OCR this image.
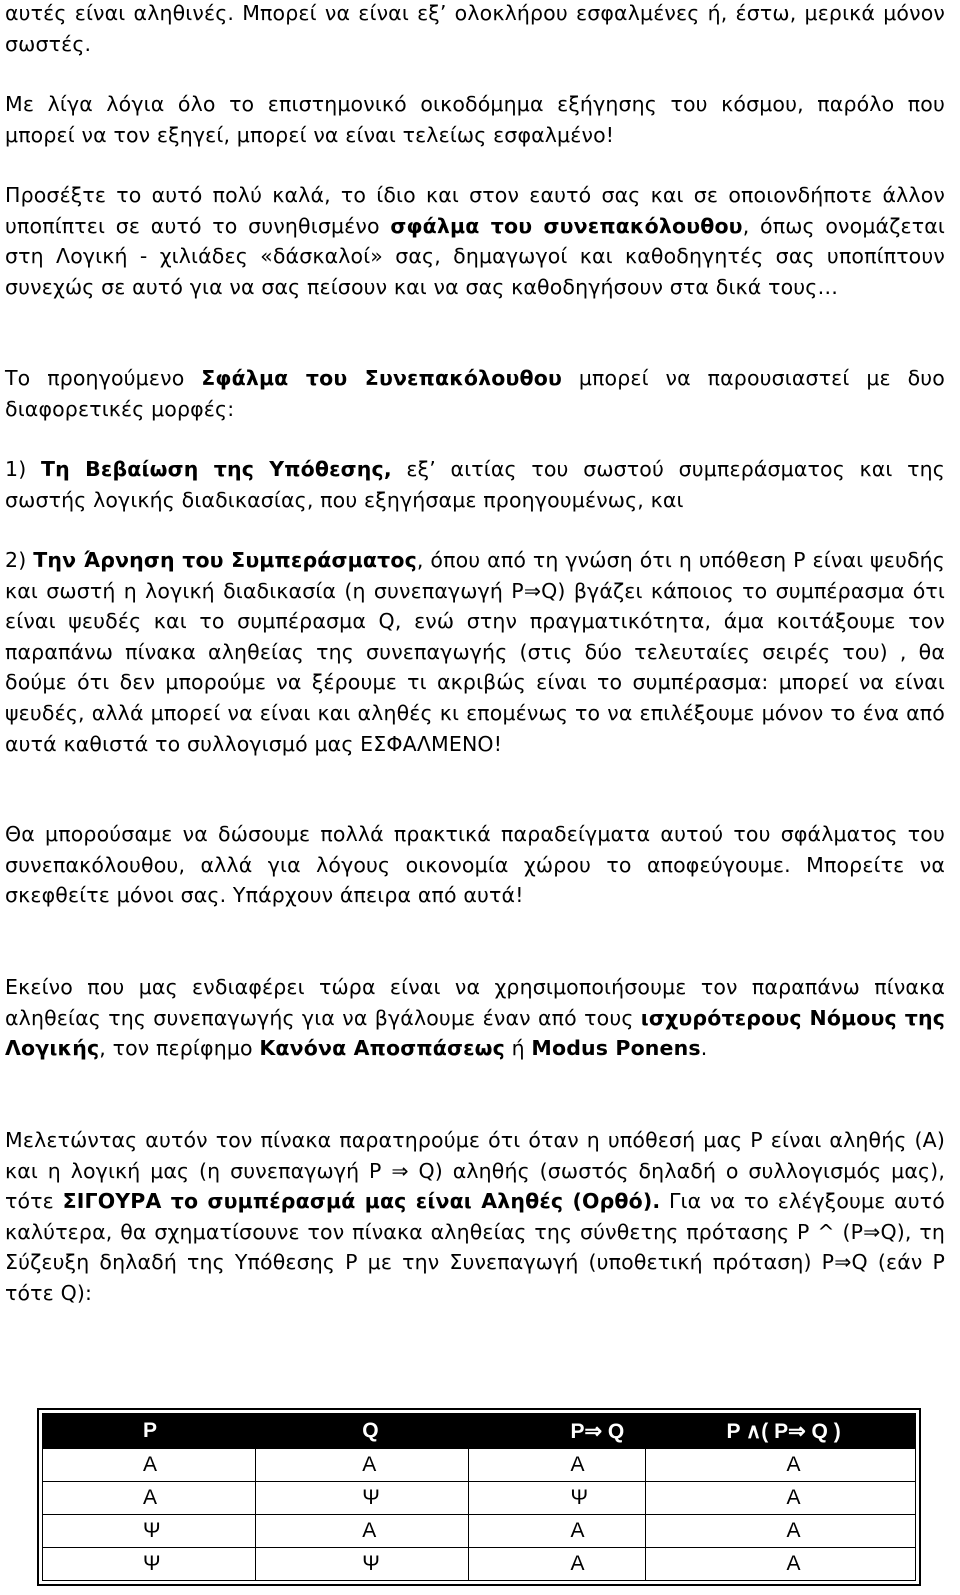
αυτές είναι αληθινές. Μπορεί να είναι εξ’ ολοκλήρου εσφαλμένες ή, έστω, μερικά μόνον σωστές.

Με λίγα λόγια όλο το επιστημονικό οικοδόμημα εξήγησης του κόσμου, παρόλο που μπορεί να τον εξηγεί, μπορεί να είναι τελείως εσφαλμένο!

Προσέξτε το αυτό πολύ καλά, το ίδιο και στον εαυτό σας και σε οποιονδήποτε άλλον υποπίπτει σε αυτό το συνηθισμένο σφάλμα του συνεπακόλουθου, όπως ονομάζεται στη Λογική - χιλιάδες «δάσκαλοί» σας, δημαγωγοί και καθοδηγητές σας υποπίπτουν συνεχώς σε αυτό για να σας πείσουν και να σας καθοδηγήσουν στα δικά τους…

Το προηγούμενο Σφάλμα του Συνεπακόλουθου μπορεί να παρουσιαστεί με δυο διαφορετικές μορφές:

1) Τη Βεβαίωση της Υπόθεσης, εξ’ αιτίας του σωστού συμπεράσματος και της σωστής λογικής διαδικασίας, που εξηγήσαμε προηγουμένως, και

2) Την Άρνηση του Συμπεράσματος, όπου από τη γνώση ότι η υπόθεση P είναι ψευδής και σωστή η λογική διαδικασία (η συνεπαγωγή P⇒Q) βγάζει κάποιος το συμπέρασμα ότι είναι ψευδές και το συμπέρασμα Q, ενώ στην πραγματικότητα, άμα κοιτάξουμε τον παραπάνω πίνακα αληθείας της συνεπαγωγής (στις δύο τελευταίες σειρές του) , θα δούμε ότι δεν μπορούμε να ξέρουμε τι ακριβώς είναι το συμπέρασμα: μπορεί να είναι ψευδές, αλλά μπορεί να είναι και αληθές κι επομένως το να επιλέξουμε μόνον το ένα από αυτά καθιστά το συλλογισμό μας ΕΣΦΑΛΜΕΝΟ!

Θα μπορούσαμε να δώσουμε πολλά πρακτικά παραδείγματα αυτού του σφάλματος του συνεπακόλουθου, αλλά για λόγους οικονομία χώρου το αποφεύγουμε. Μπορείτε να σκεφθείτε μόνοι σας. Υπάρχουν άπειρα από αυτά!

Εκείνο που μας ενδιαφέρει τώρα είναι να χρησιμοποιήσουμε τον παραπάνω πίνακα αληθείας της συνεπαγωγής για να βγάλουμε έναν από τους ισχυρότερους Νόμους της Λογικής, τον περίφημο Κανόνα Αποσπάσεως ή Modus Ponens.

Μελετώντας αυτόν τον πίνακα παρατηρούμε ότι όταν η υπόθεσή μας P είναι αληθής (Α) και η λογική μας (η συνεπαγωγή P ⇒ Q) αληθής (σωστός δηλαδή ο συλλογισμός μας), τότε ΣΙΓΟΥΡΑ το συμπέρασμά μας είναι Αληθές (Ορθό). Για να το ελέγξουμε αυτό καλύτερα, θα σχηματίσουνε τον πίνακα αληθείας της σύνθετης πρότασης P ^ (P⇒Q), τη Σύζευξη δηλαδή της Υπόθεσης P με την Συνεπαγωγή (υποθετική πρόταση) P⇒Q (εάν P τότε Q):

P	Q	P⇒ Q	P ∧( P⇒ Q )
Α	Α	Α	Α
Α	Ψ	Ψ	Α
Ψ	Α	Α	Α
Ψ	Ψ	Α	Α
